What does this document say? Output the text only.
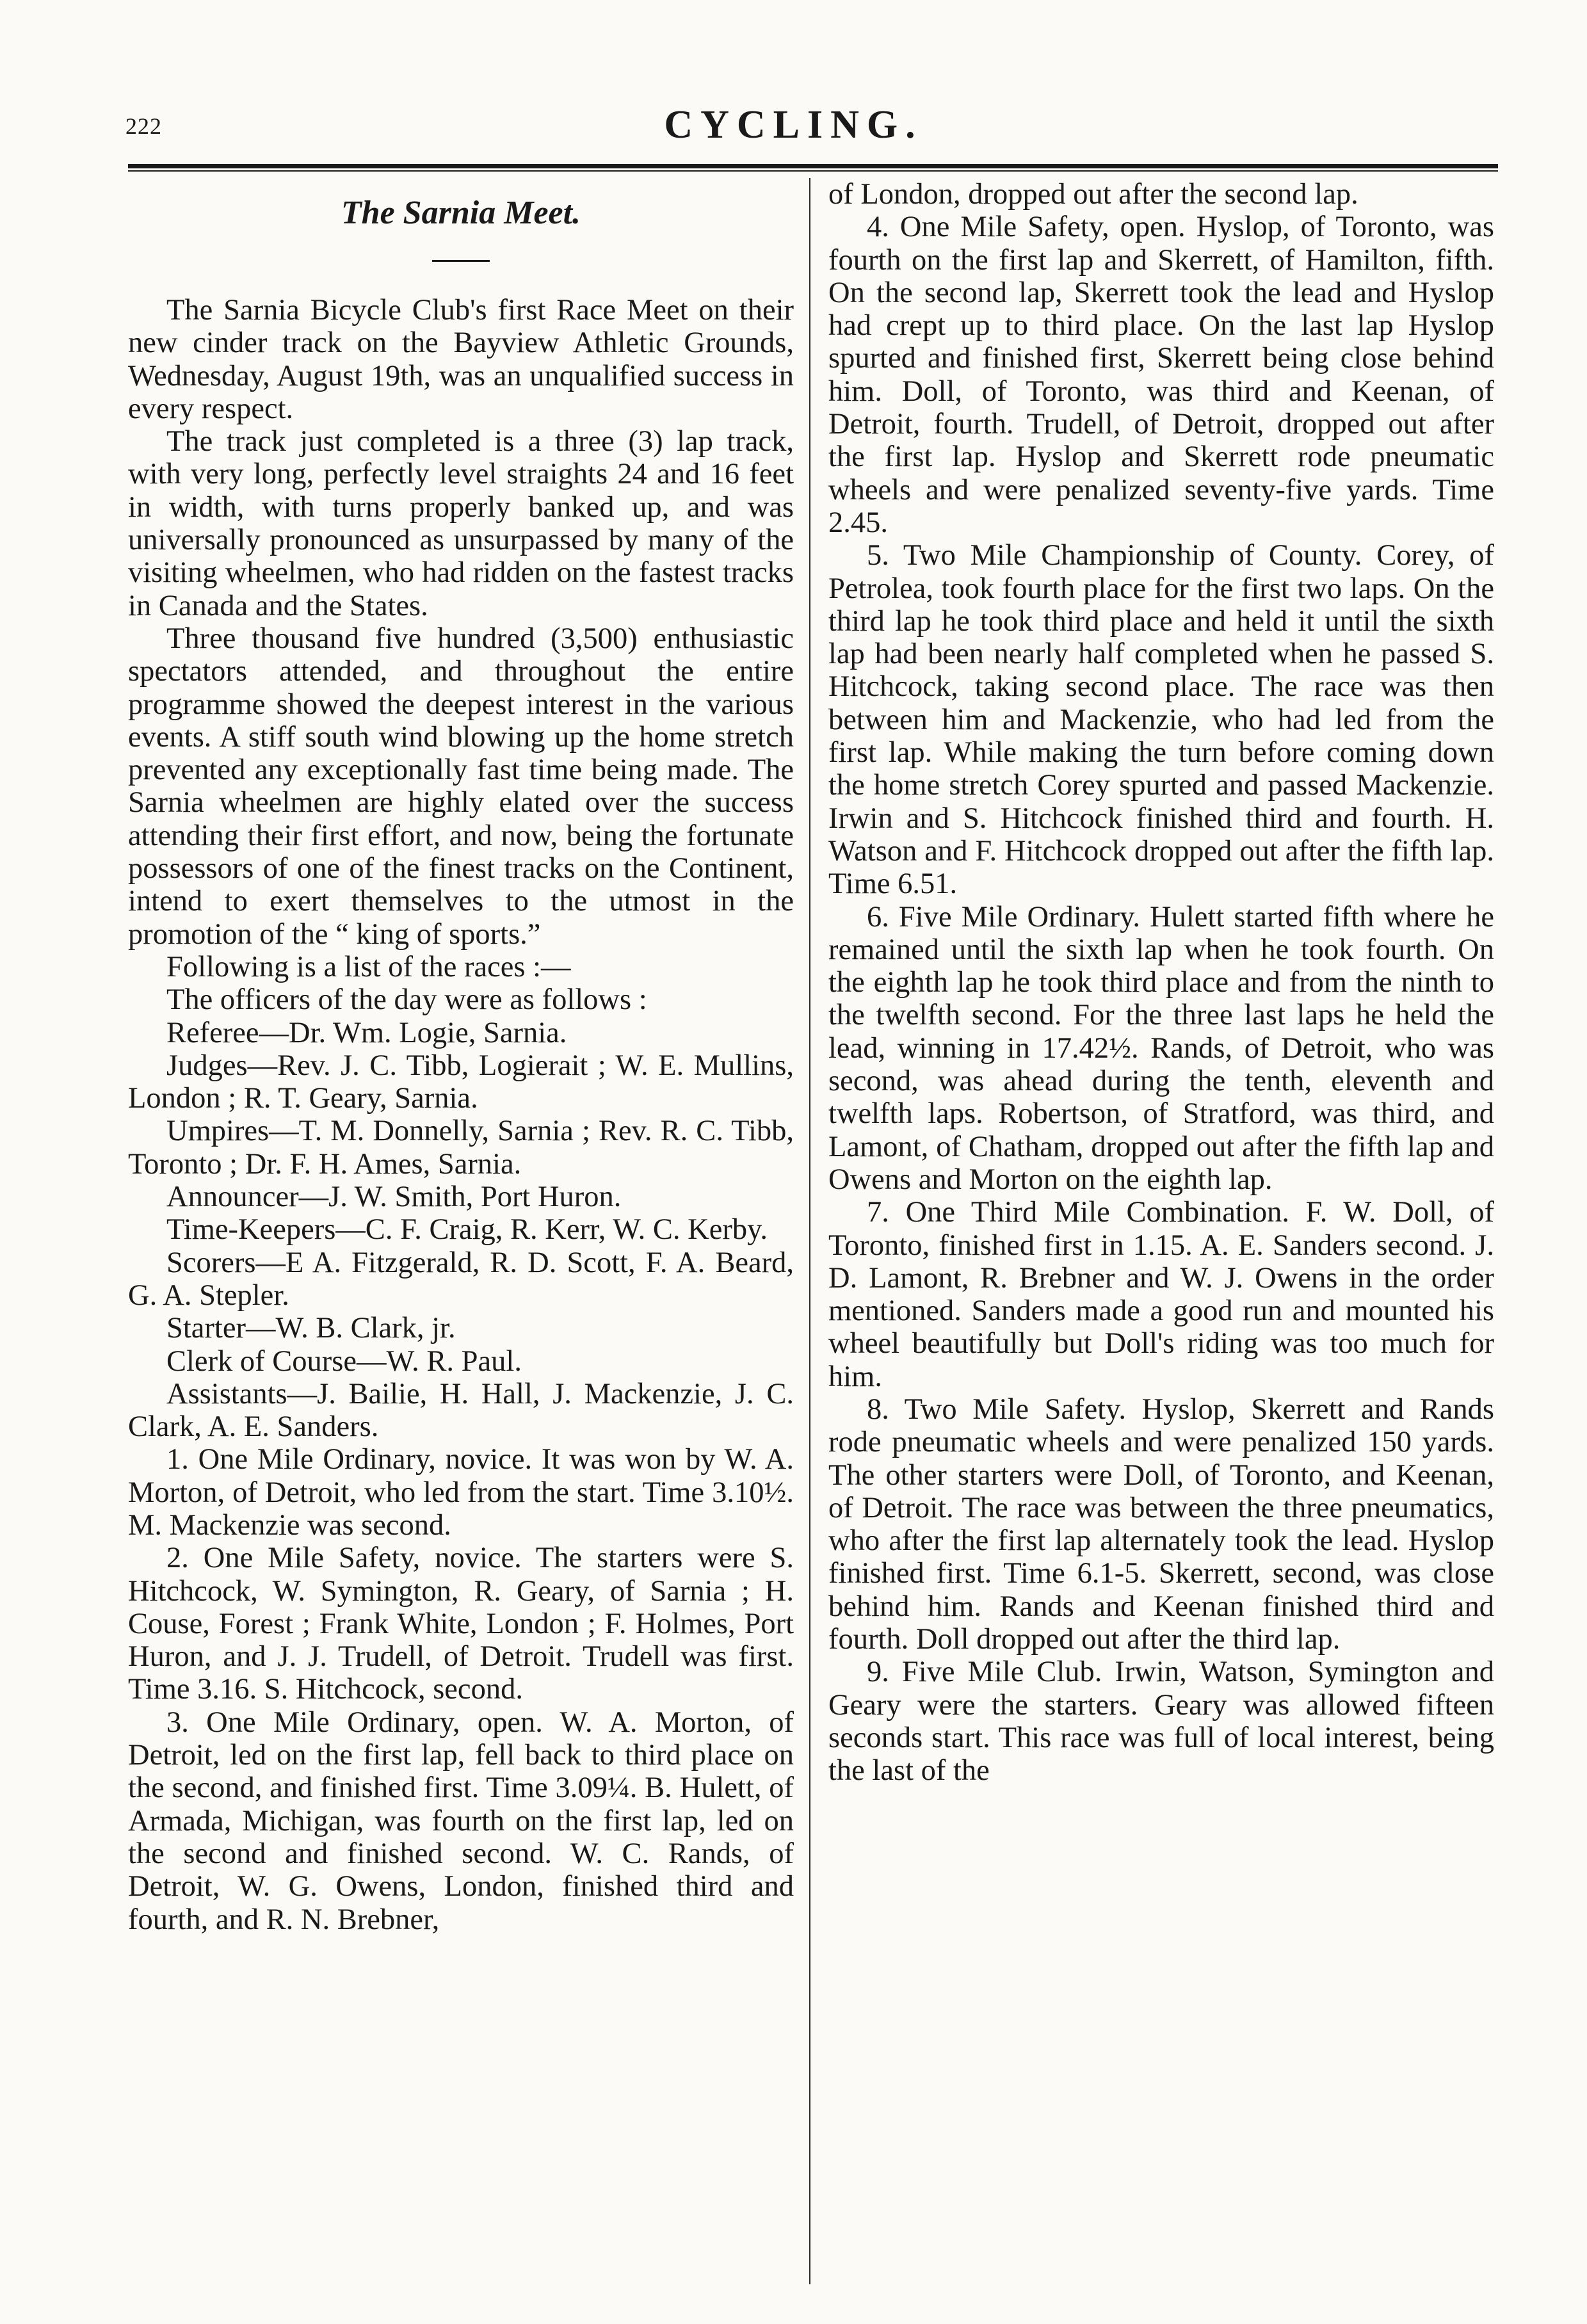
222	CYCLING.
The Sarnia Meet.

The Sarnia Bicycle Club's first Race Meet on their new cinder track on the Bayview Athletic Grounds, Wednesday, August 19th, was an unqualified success in every respect.

The track just completed is a three (3) lap track, with very long, perfectly level straights 24 and 16 feet in width, with turns properly banked up, and was universally pronounced as unsurpassed by many of the visiting wheelmen, who had ridden on the fastest tracks in Canada and the States.

Three thousand five hundred (3,500) enthusiastic spectators attended, and throughout the entire programme showed the deepest interest in the various events. A stiff south wind blowing up the home stretch prevented any exceptionally fast time being made. The Sarnia wheelmen are highly elated over the success attending their first effort, and now, being the fortunate possessors of one of the finest tracks on the Continent, intend to exert themselves to the utmost in the promotion of the “ king of sports.”

Following is a list of the races :—

The officers of the day were as follows :

Referee—Dr. Wm. Logie, Sarnia.

Judges—Rev. J. C. Tibb, Logierait ; W. E. Mullins, London ; R. T. Geary, Sarnia.

Umpires—T. M. Donnelly, Sarnia ; Rev. R. C. Tibb, Toronto ; Dr. F. H. Ames, Sarnia.

Announcer—J. W. Smith, Port Huron.

Time-Keepers—C. F. Craig, R. Kerr, W. C. Kerby.

Scorers—E A. Fitzgerald, R. D. Scott, F. A. Beard, G. A. Stepler.

Starter—W. B. Clark, jr.

Clerk of Course—W. R. Paul.

Assistants—J. Bailie, H. Hall, J. Mackenzie, J. C. Clark, A. E. Sanders.

1. One Mile Ordinary, novice. It was won by W. A. Morton, of Detroit, who led from the start. Time 3.10½. M. Mackenzie was second.

2. One Mile Safety, novice. The starters were S. Hitchcock, W. Symington, R. Geary, of Sarnia ; H. Couse, Forest ; Frank White, London ; F. Holmes, Port Huron, and J. J. Trudell, of Detroit. Trudell was first. Time 3.16. S. Hitchcock, second.

3. One Mile Ordinary, open. W. A. Morton, of Detroit, led on the first lap, fell back to third place on the second, and finished first. Time 3.09¼. B. Hulett, of Armada, Michigan, was fourth on the first lap, led on the second and finished second. W. C. Rands, of Detroit, W. G. Owens, London, finished third and fourth, and R. N. Brebner,

of London, dropped out after the second lap.

4. One Mile Safety, open. Hyslop, of Toronto, was fourth on the first lap and Skerrett, of Hamilton, fifth. On the second lap, Skerrett took the lead and Hyslop had crept up to third place. On the last lap Hyslop spurted and finished first, Skerrett being close behind him. Doll, of Toronto, was third and Keenan, of Detroit, fourth. Trudell, of Detroit, dropped out after the first lap. Hyslop and Skerrett rode pneumatic wheels and were penalized seventy-five yards. Time 2.45.

5. Two Mile Championship of County. Corey, of Petrolea, took fourth place for the first two laps. On the third lap he took third place and held it until the sixth lap had been nearly half completed when he passed S. Hitchcock, taking second place. The race was then between him and Mackenzie, who had led from the first lap. While making the turn before coming down the home stretch Corey spurted and passed Mackenzie. Irwin and S. Hitchcock finished third and fourth. H. Watson and F. Hitchcock dropped out after the fifth lap. Time 6.51.

6. Five Mile Ordinary. Hulett started fifth where he remained until the sixth lap when he took fourth. On the eighth lap he took third place and from the ninth to the twelfth second. For the three last laps he held the lead, winning in 17.42½. Rands, of Detroit, who was second, was ahead during the tenth, eleventh and twelfth laps. Robertson, of Stratford, was third, and Lamont, of Chatham, dropped out after the fifth lap and Owens and Morton on the eighth lap.

7. One Third Mile Combination. F. W. Doll, of Toronto, finished first in 1.15. A. E. Sanders second. J. D. Lamont, R. Brebner and W. J. Owens in the order mentioned. Sanders made a good run and mounted his wheel beautifully but Doll's riding was too much for him.

8. Two Mile Safety. Hyslop, Skerrett and Rands rode pneumatic wheels and were penalized 150 yards. The other starters were Doll, of Toronto, and Keenan, of Detroit. The race was between the three pneumatics, who after the first lap alternately took the lead. Hyslop finished first. Time 6.1-5. Skerrett, second, was close behind him. Rands and Keenan finished third and fourth. Doll dropped out after the third lap.

9. Five Mile Club. Irwin, Watson, Symington and Geary were the starters. Geary was allowed fifteen seconds start. This race was full of local interest, being the last of the
